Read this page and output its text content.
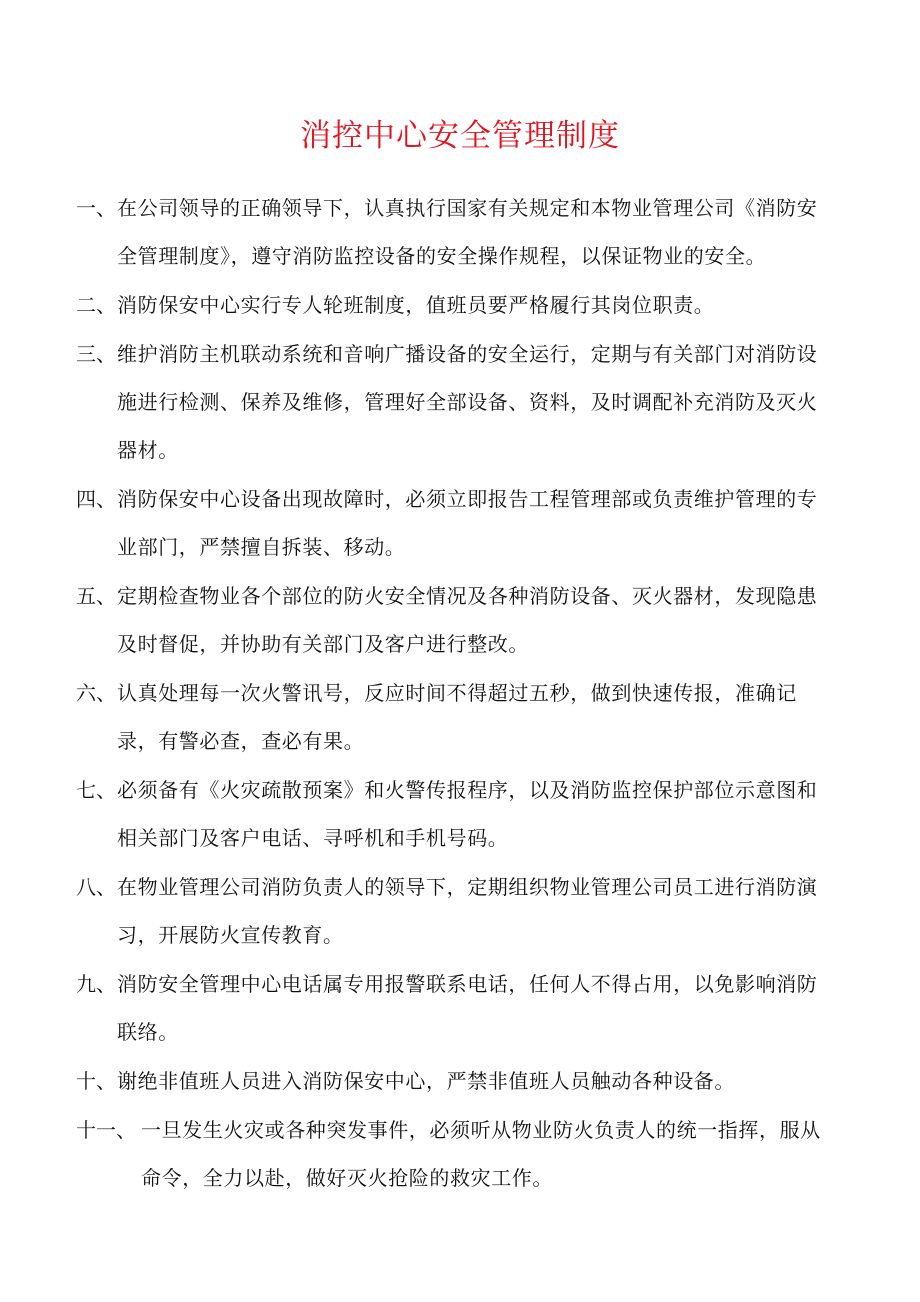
消控中心安全管理制度
一、 在公司领导的正确领导下，认真执行国家有关规定和本物业管理公司《消防安全管理制度》，遵守消防监控设备的安全操作规程，以保证物业的安全。
二、 消防保安中心实行专人轮班制度，值班员要严格履行其岗位职责。
三、 维护消防主机联动系统和音响广播设备的安全运行，定期与有关部门对消防设施进行检测、保养及维修，管理好全部设备、资料，及时调配补充消防及灭火器材。
四、 消防保安中心设备出现故障时，必须立即报告工程管理部或负责维护管理的专业部门，严禁擅自拆装、移动。
五、 定期检查物业各个部位的防火安全情况及各种消防设备、灭火器材，发现隐患及时督促，并协助有关部门及客户进行整改。
六、 认真处理每一次火警讯号，反应时间不得超过五秒，做到快速传报，准确记录，有警必查，查必有果。
七、 必须备有《火灾疏散预案》和火警传报程序，以及消防监控保护部位示意图和相关部门及客户电话、寻呼机和手机号码。
八、 在物业管理公司消防负责人的领导下，定期组织物业管理公司员工进行消防演习，开展防火宣传教育。
九、 消防安全管理中心电话属专用报警联系电话，任何人不得占用，以免影响消防联络。
十、 谢绝非值班人员进入消防保安中心，严禁非值班人员触动各种设备。
十一、 一旦发生火灾或各种突发事件，必须听从物业防火负责人的统一指挥，服从命令，全力以赴，做好灭火抢险的救灾工作。
